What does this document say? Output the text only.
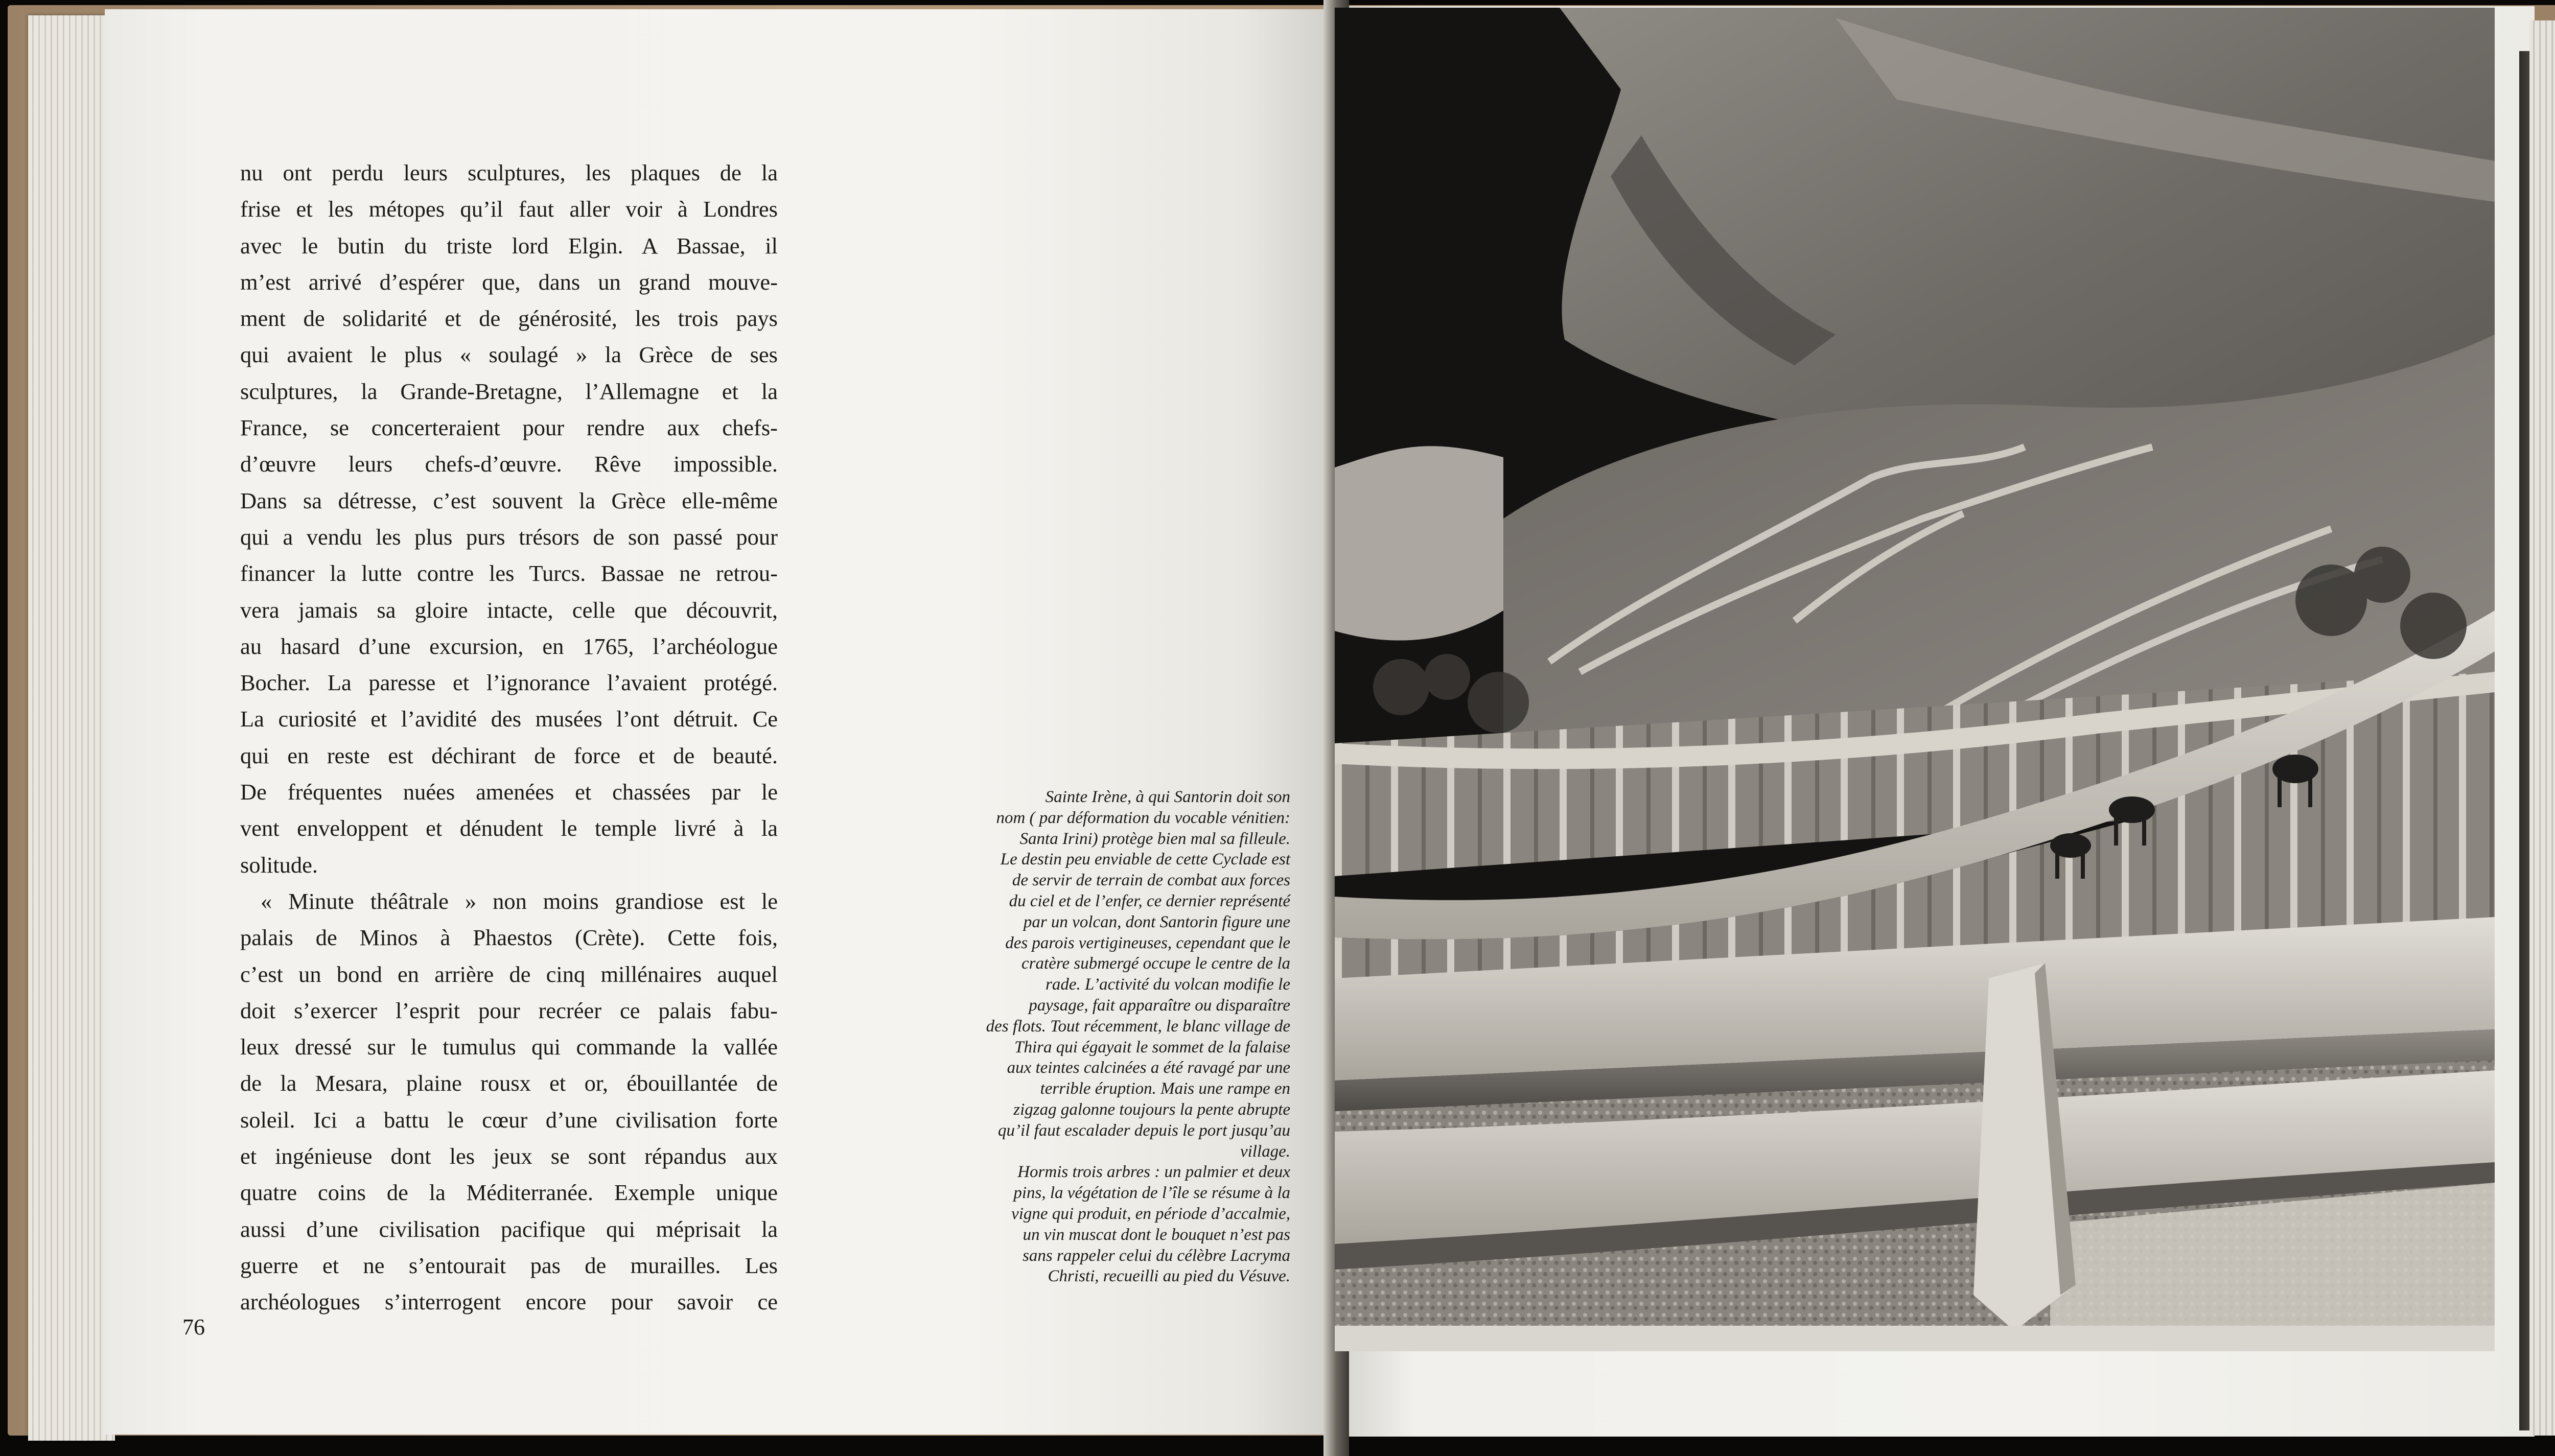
nu ont perdu leurs sculptures, les plaques de la

frise et les métopes qu’il faut aller voir à Londres

avec le butin du triste lord Elgin. A Bassae, il

m’est arrivé d’espérer que, dans un grand mouve-

ment de solidarité et de générosité, les trois pays

qui avaient le plus « soulagé » la Grèce de ses

sculptures, la Grande-Bretagne, l’Allemagne et la

France, se concerteraient pour rendre aux chefs-

d’œuvre leurs chefs-d’œuvre. Rêve impossible.

Dans sa détresse, c’est souvent la Grèce elle-même

qui a vendu les plus purs trésors de son passé pour

financer la lutte contre les Turcs. Bassae ne retrou-

vera jamais sa gloire intacte, celle que découvrit,

au hasard d’une excursion, en 1765, l’archéologue

Bocher. La paresse et l’ignorance l’avaient protégé.

La curiosité et l’avidité des musées l’ont détruit. Ce

qui en reste est déchirant de force et de beauté.

De fréquentes nuées amenées et chassées par le

vent enveloppent et dénudent le temple livré à la

solitude.

« Minute théâtrale » non moins grandiose est le

palais de Minos à Phaestos (Crète). Cette fois,

c’est un bond en arrière de cinq millénaires auquel

doit s’exercer l’esprit pour recréer ce palais fabu-

leux dressé sur le tumulus qui commande la vallée

de la Mesara, plaine rousx et or, ébouillantée de

soleil. Ici a battu le cœur d’une civilisation forte

et ingénieuse dont les jeux se sont répandus aux

quatre coins de la Méditerranée. Exemple unique

aussi d’une civilisation pacifique qui méprisait la

guerre et ne s’entourait pas de murailles. Les

archéologues s’interrogent encore pour savoir ce

76

Sainte Irène, à qui Santorin doit son

nom ( par déformation du vocable vénitien:

Santa Irini) protège bien mal sa filleule.

Le destin peu enviable de cette Cyclade est

de servir de terrain de combat aux forces

du ciel et de l’enfer, ce dernier représenté

par un volcan, dont Santorin figure une

des parois vertigineuses, cependant que le

cratère submergé occupe le centre de la

rade. L’activité du volcan modifie le

paysage, fait apparaître ou disparaître

des flots. Tout récemment, le blanc village de

Thira qui égayait le sommet de la falaise

aux teintes calcinées a été ravagé par une

terrible éruption. Mais une rampe en

zigzag galonne toujours la pente abrupte

qu’il faut escalader depuis le port jusqu’au

village.

Hormis trois arbres : un palmier et deux

pins, la végétation de l’île se résume à la

vigne qui produit, en période d’accalmie,

un vin muscat dont le bouquet n’est pas

sans rappeler celui du célèbre Lacryma

Christi, recueilli au pied du Vésuve.
